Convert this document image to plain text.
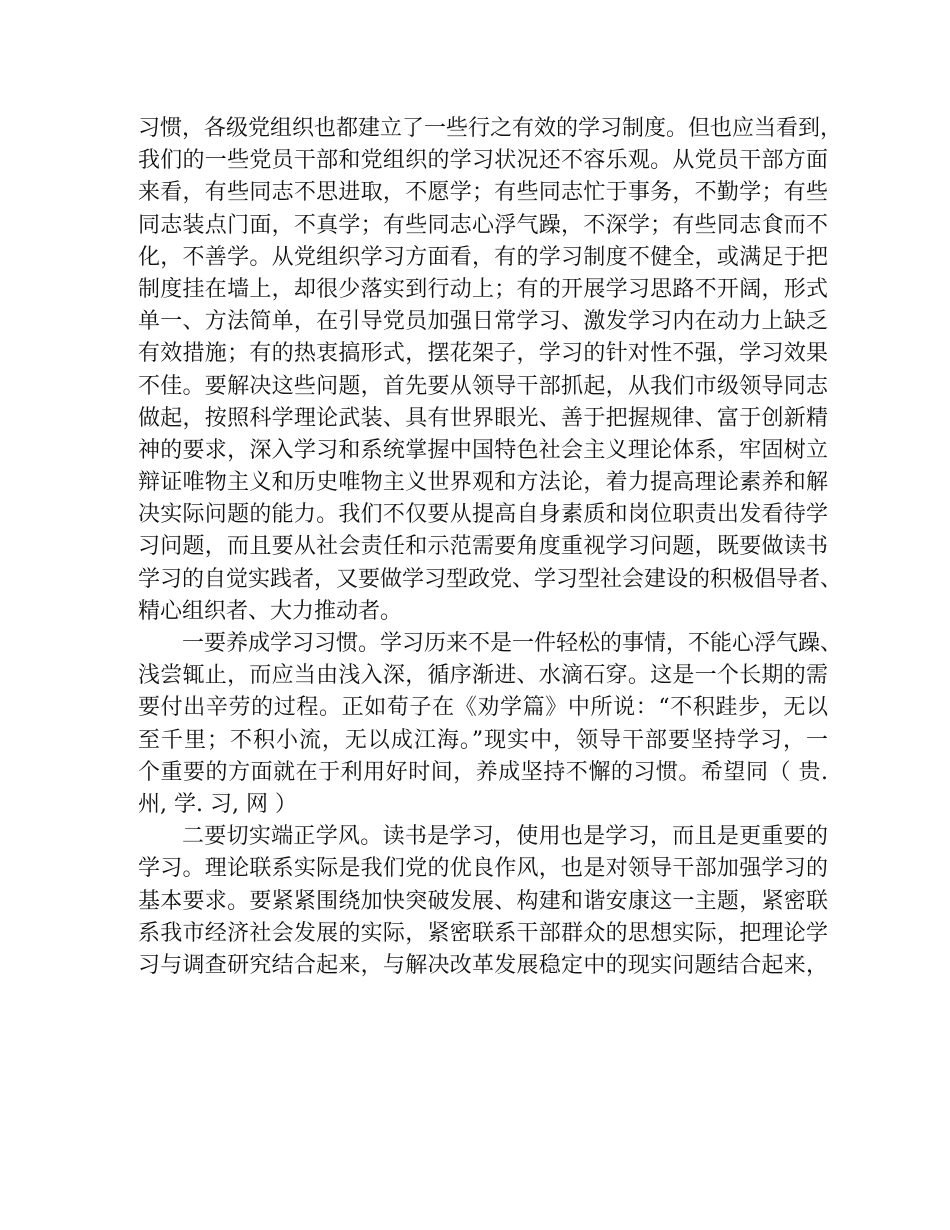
习惯，各级党组织也都建立了一些行之有效的学习制度。但也应当看到，
我们的一些党员干部和党组织的学习状况还不容乐观。从党员干部方面
来看，有些同志不思进取，不愿学；有些同志忙于事务，不勤学；有些
同志装点门面，不真学；有些同志心浮气躁，不深学；有些同志食而不
化，不善学。从党组织学习方面看，有的学习制度不健全，或满足于把
制度挂在墙上，却很少落实到行动上；有的开展学习思路不开阔，形式
单一、方法简单，在引导党员加强日常学习、激发学习内在动力上缺乏
有效措施；有的热衷搞形式，摆花架子，学习的针对性不强，学习效果
不佳。要解决这些问题，首先要从领导干部抓起，从我们市级领导同志
做起，按照科学理论武装、具有世界眼光、善于把握规律、富于创新精
神的要求，深入学习和系统掌握中国特色社会主义理论体系，牢固树立
辩证唯物主义和历史唯物主义世界观和方法论，着力提高理论素养和解
决实际问题的能力。我们不仅要从提高自身素质和岗位职责出发看待学
习问题，而且要从社会责任和示范需要角度重视学习问题，既要做读书
学习的自觉实践者，又要做学习型政党、学习型社会建设的积极倡导者、
精心组织者、大力推动者。
一要养成学习习惯。学习历来不是一件轻松的事情，不能心浮气躁、
浅尝辄止，而应当由浅入深，循序渐进、水滴石穿。这是一个长期的需
要付出辛劳的过程。正如荀子在《劝学篇》中所说：“不积跬步，无以
至千里；不积小流，无以成江海。”现实中，领导干部要坚持学习，一
个重要的方面就在于利用好时间，养成坚持不懈的习惯。希望同（ 贵.
州, 学. 习, 网 ）
二要切实端正学风。读书是学习，使用也是学习，而且是更重要的
学习。理论联系实际是我们党的优良作风，也是对领导干部加强学习的
基本要求。要紧紧围绕加快突破发展、构建和谐安康这一主题，紧密联
系我市经济社会发展的实际，紧密联系干部群众的思想实际，把理论学
习与调查研究结合起来，与解决改革发展稳定中的现实问题结合起来，
